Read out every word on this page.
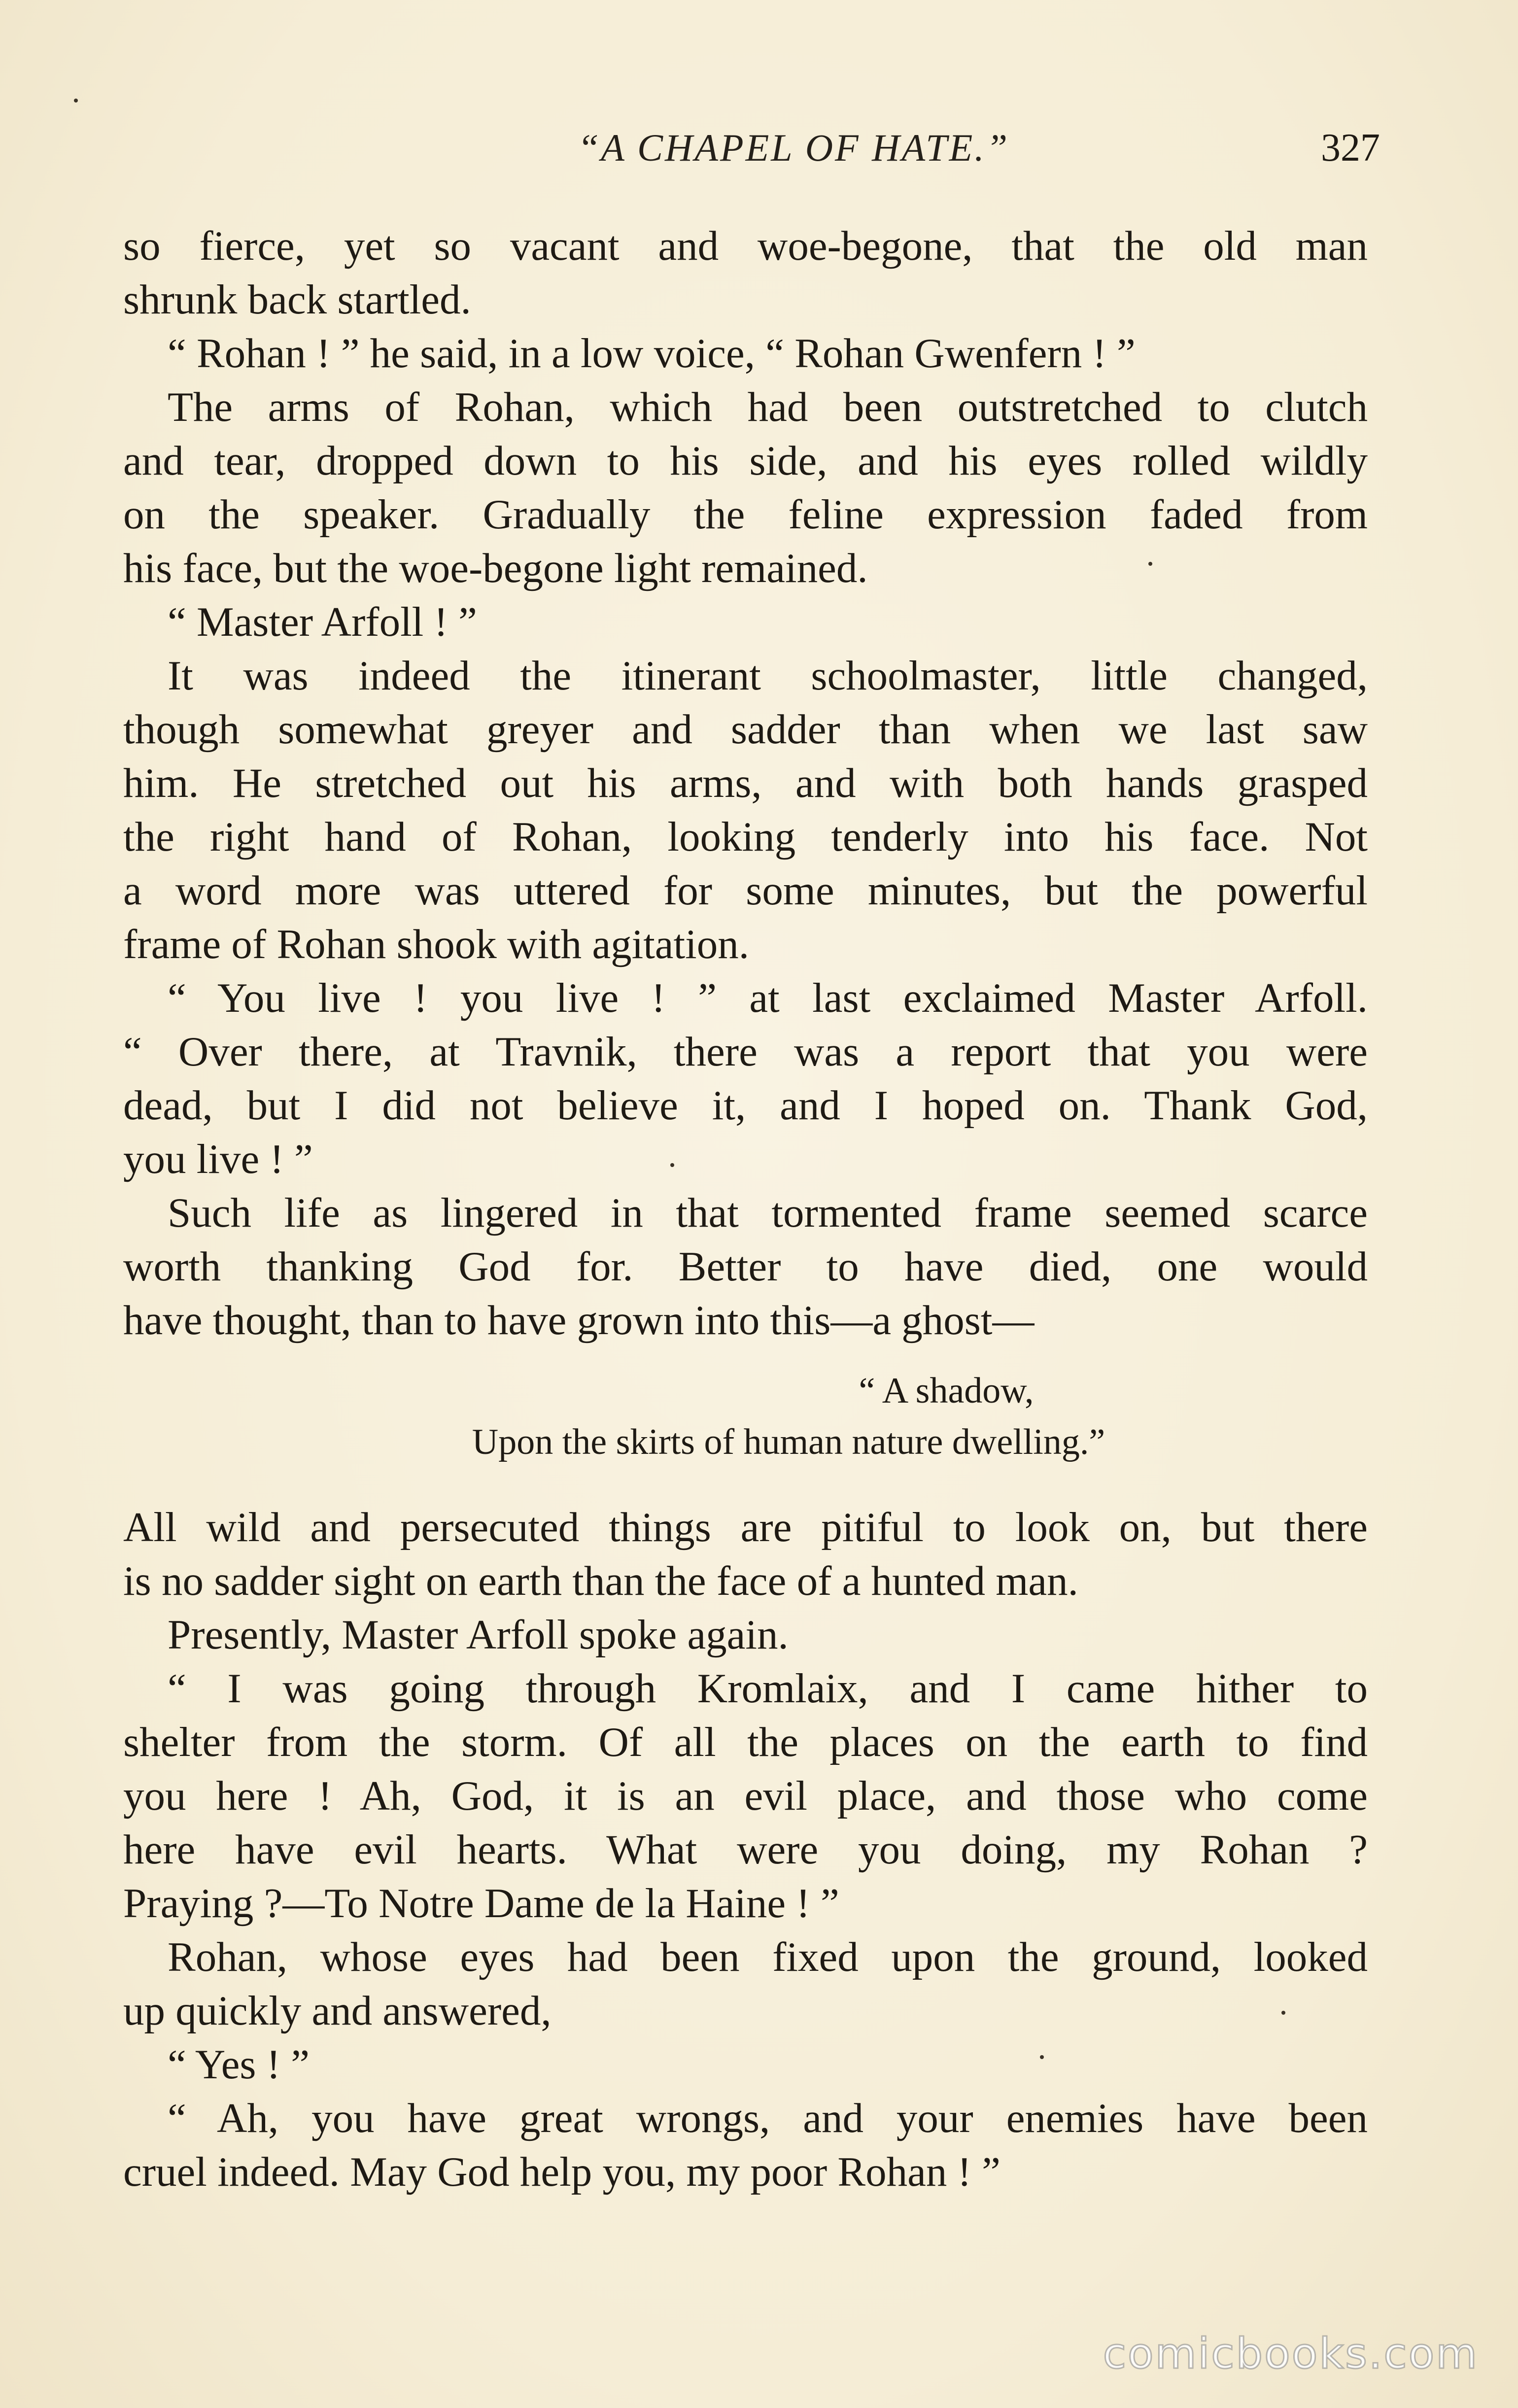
“A CHAPEL OF HATE.”	327
so fierce, yet so vacant and woe-begone, that the old man
shrunk back startled.
“ Rohan ! ” he said, in a low voice, “ Rohan Gwenfern ! ”
The arms of Rohan, which had been outstretched to clutch
and tear, dropped down to his side, and his eyes rolled wildly
on the speaker. Gradually the feline expression faded from
his face, but the woe-begone light remained.
“ Master Arfoll ! ”
It was indeed the itinerant schoolmaster, little changed,
though somewhat greyer and sadder than when we last saw
him. He stretched out his arms, and with both hands grasped
the right hand of Rohan, looking tenderly into his face. Not
a word more was uttered for some minutes, but the powerful
frame of Rohan shook with agitation.
“ You live ! you live ! ” at last exclaimed Master Arfoll.
“ Over there, at Travnik, there was a report that you were
dead, but I did not believe it, and I hoped on. Thank God,
you live ! ”
Such life as lingered in that tormented frame seemed scarce
worth thanking God for. Better to have died, one would
have thought, than to have grown into this—a ghost—
“ A shadow,
Upon the skirts of human nature dwelling.”
All wild and persecuted things are pitiful to look on, but there
is no sadder sight on earth than the face of a hunted man.
Presently, Master Arfoll spoke again.
“ I was going through Kromlaix, and I came hither to
shelter from the storm. Of all the places on the earth to find
you here ! Ah, God, it is an evil place, and those who come
here have evil hearts. What were you doing, my Rohan ?
Praying ?—To Notre Dame de la Haine ! ”
Rohan, whose eyes had been fixed upon the ground, looked
up quickly and answered,
“ Yes ! ”
“ Ah, you have great wrongs, and your enemies have been
cruel indeed. May God help you, my poor Rohan ! ”
comicbooks.com
